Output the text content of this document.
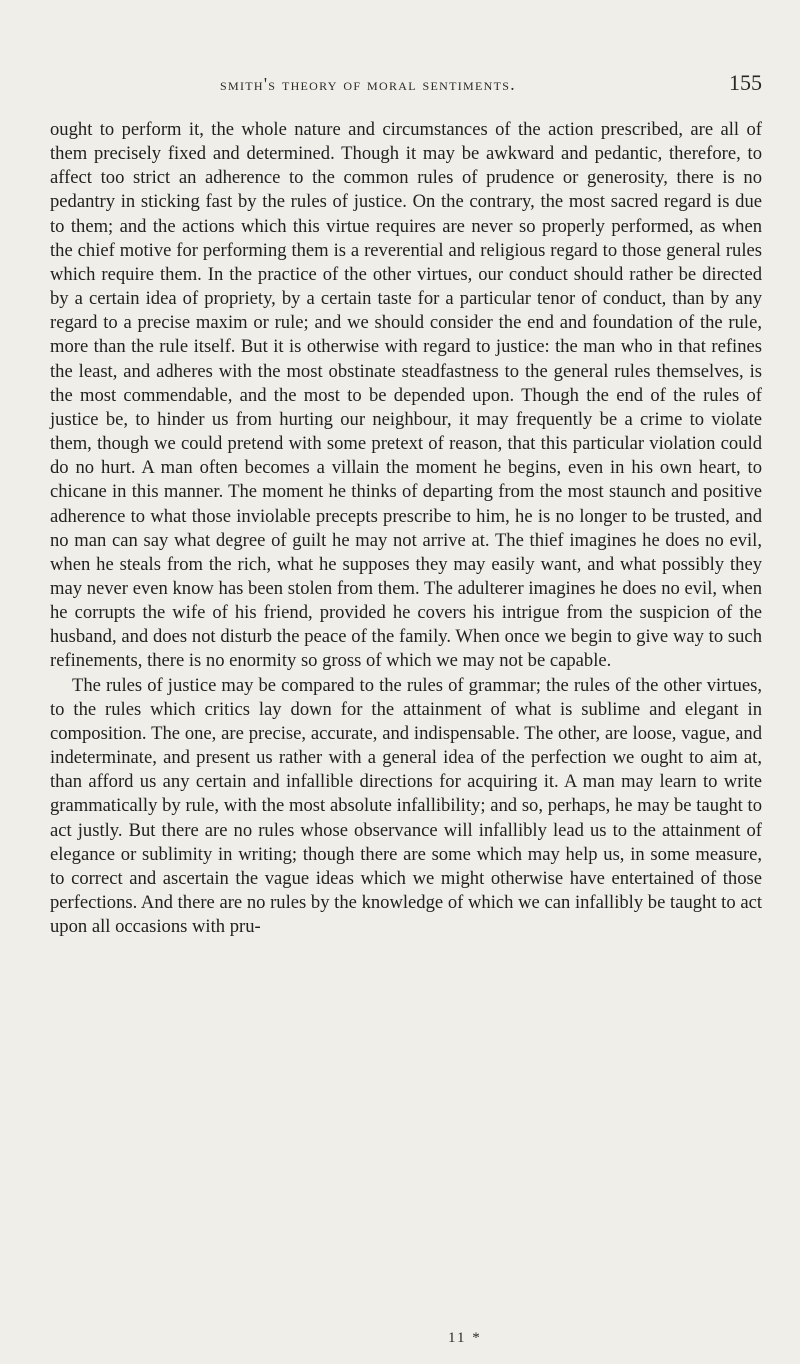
smith's theory of moral sentiments.	155

ought to perform it, the whole nature and circumstances of the action prescribed, are all of them precisely fixed and determined. Though it may be awkward and pedantic, therefore, to affect too strict an adherence to the common rules of prudence or generosity, there is no pedantry in sticking fast by the rules of justice. On the contrary, the most sacred regard is due to them; and the actions which this virtue requires are never so properly performed, as when the chief motive for performing them is a reverential and religious regard to those general rules which require them. In the practice of the other virtues, our conduct should rather be directed by a certain idea of propriety, by a certain taste for a particular tenor of conduct, than by any regard to a precise maxim or rule; and we should consider the end and foundation of the rule, more than the rule itself. But it is otherwise with regard to justice: the man who in that refines the least, and adheres with the most obstinate steadfastness to the general rules themselves, is the most commendable, and the most to be depended upon. Though the end of the rules of justice be, to hinder us from hurting our neighbour, it may frequently be a crime to violate them, though we could pretend with some pretext of reason, that this particular violation could do no hurt. A man often becomes a villain the moment he begins, even in his own heart, to chicane in this manner. The moment he thinks of departing from the most staunch and positive adherence to what those inviolable precepts prescribe to him, he is no longer to be trusted, and no man can say what degree of guilt he may not arrive at. The thief imagines he does no evil, when he steals from the rich, what he supposes they may easily want, and what possibly they may never even know has been stolen from them. The adulterer imagines he does no evil, when he corrupts the wife of his friend, provided he covers his intrigue from the suspicion of the husband, and does not disturb the peace of the family. When once we begin to give way to such refinements, there is no enormity so gross of which we may not be capable.

The rules of justice may be compared to the rules of grammar; the rules of the other virtues, to the rules which critics lay down for the attainment of what is sublime and elegant in composition. The one, are precise, accurate, and indispensable. The other, are loose, vague, and indeterminate, and present us rather with a general idea of the perfection we ought to aim at, than afford us any certain and infallible directions for acquiring it. A man may learn to write grammatically by rule, with the most absolute infallibility; and so, perhaps, he may be taught to act justly. But there are no rules whose observance will infallibly lead us to the attainment of elegance or sublimity in writing; though there are some which may help us, in some measure, to correct and ascertain the vague ideas which we might otherwise have entertained of those perfections. And there are no rules by the knowledge of which we can infallibly be taught to act upon all occasions with pru-

11 *
